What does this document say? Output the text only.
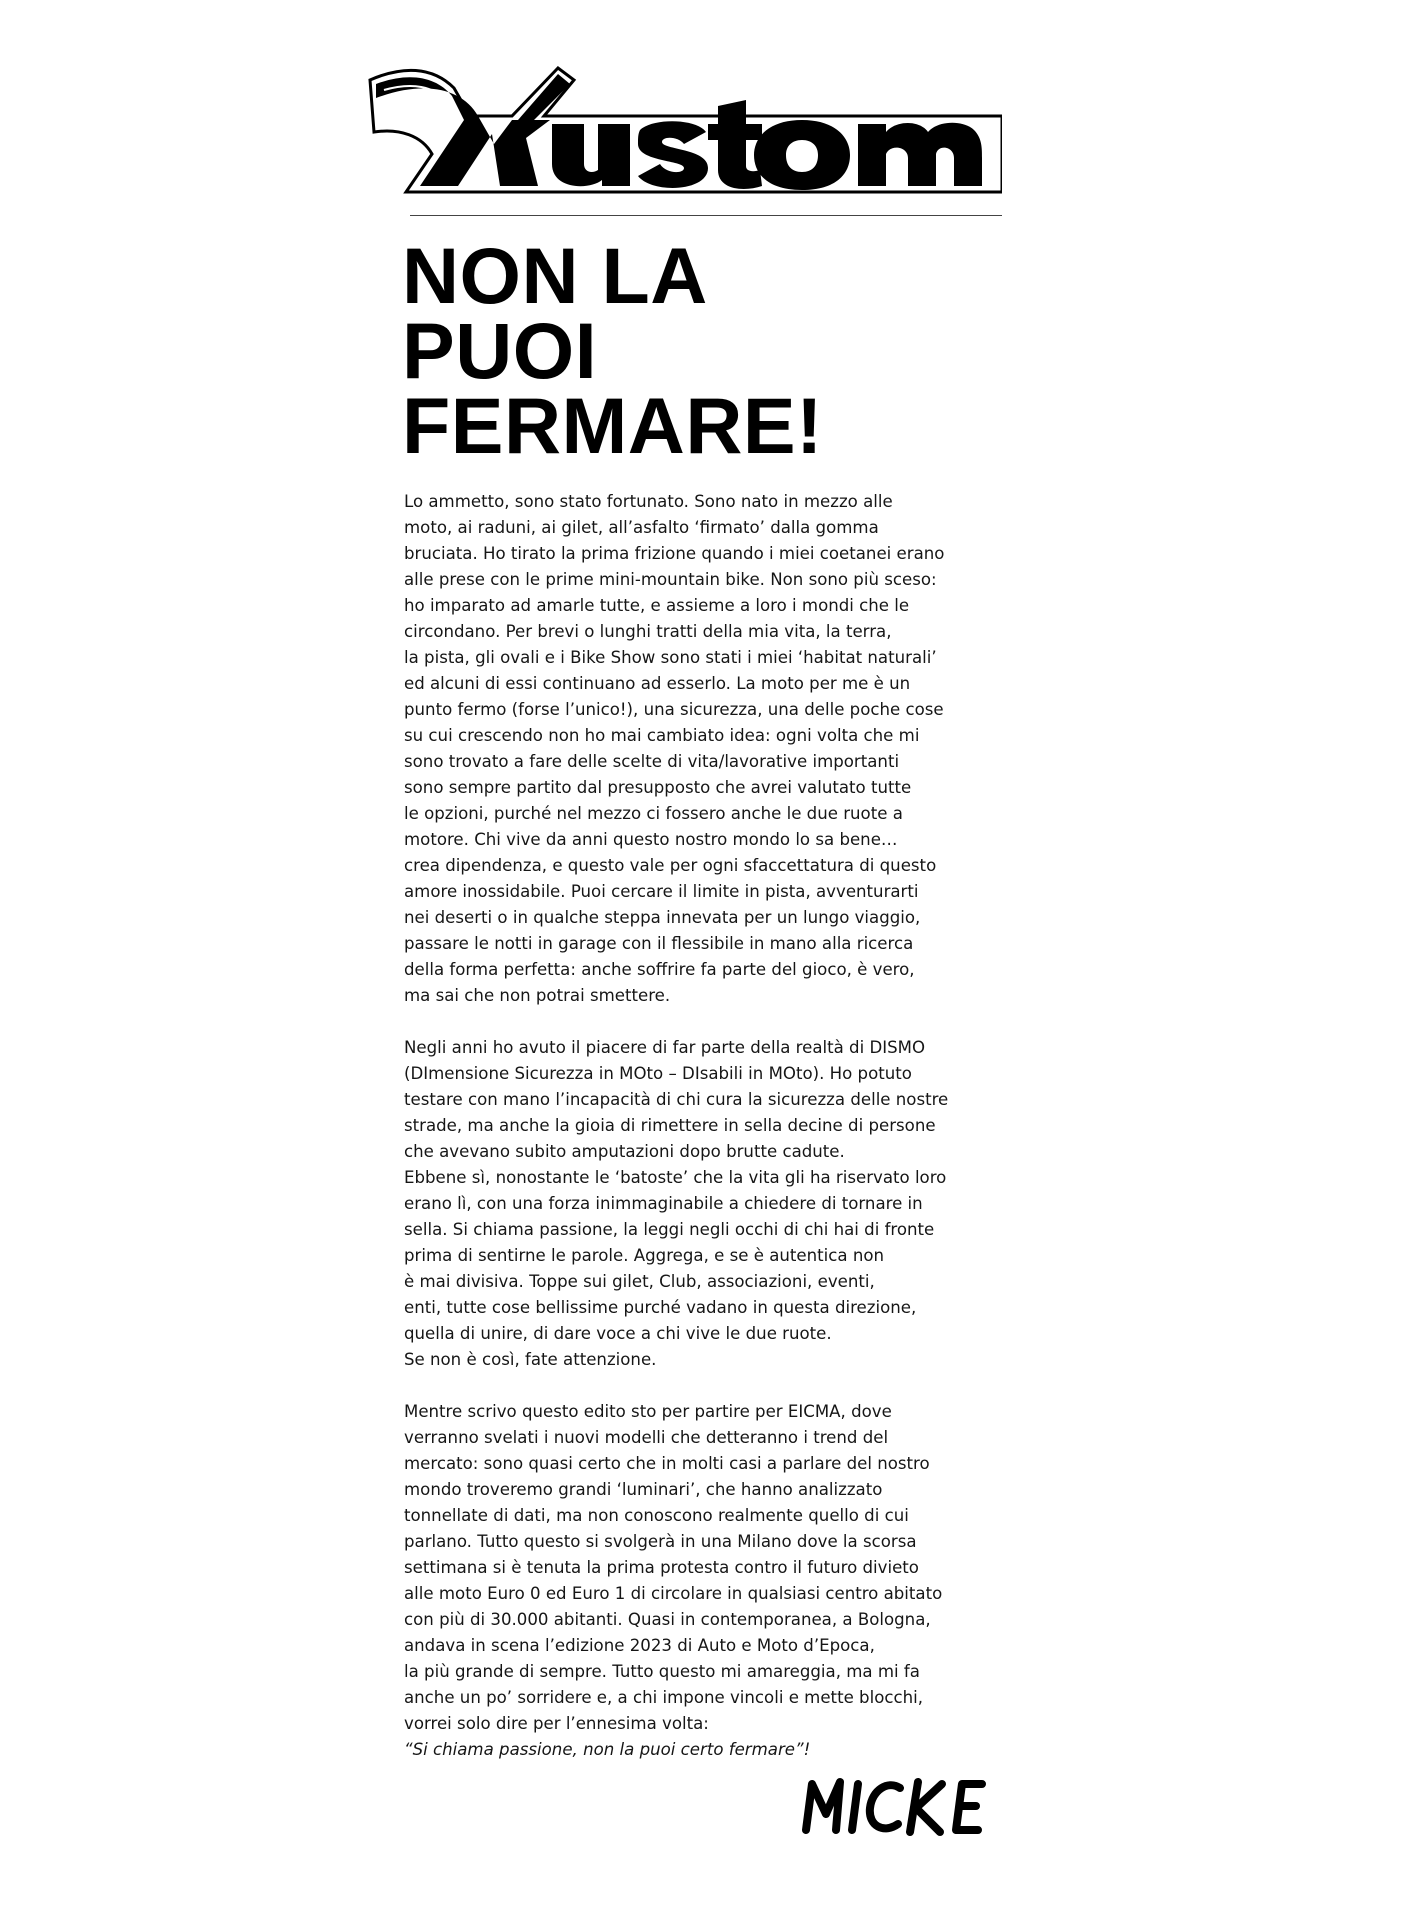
NON LA
PUOI
FERMARE!

Lo ammetto, sono stato fortunato. Sono nato in mezzo alle
moto, ai raduni, ai gilet, all’asfalto ‘firmato’ dalla gomma
bruciata. Ho tirato la prima frizione quando i miei coetanei erano
alle prese con le prime mini-mountain bike. Non sono più sceso:
ho imparato ad amarle tutte, e assieme a loro i mondi che le
circondano. Per brevi o lunghi tratti della mia vita, la terra,
la pista, gli ovali e i Bike Show sono stati i miei ‘habitat naturali’
ed alcuni di essi continuano ad esserlo. La moto per me è un
punto fermo (forse l’unico!), una sicurezza, una delle poche cose
su cui crescendo non ho mai cambiato idea: ogni volta che mi
sono trovato a fare delle scelte di vita/lavorative importanti
sono sempre partito dal presupposto che avrei valutato tutte
le opzioni, purché nel mezzo ci fossero anche le due ruote a
motore. Chi vive da anni questo nostro mondo lo sa bene…
crea dipendenza, e questo vale per ogni sfaccettatura di questo
amore inossidabile. Puoi cercare il limite in pista, avventurarti
nei deserti o in qualche steppa innevata per un lungo viaggio,
passare le notti in garage con il flessibile in mano alla ricerca
della forma perfetta: anche soffrire fa parte del gioco, è vero,
ma sai che non potrai smettere.

Negli anni ho avuto il piacere di far parte della realtà di DISMO
(DImensione Sicurezza in MOto – DIsabili in MOto). Ho potuto
testare con mano l’incapacità di chi cura la sicurezza delle nostre
strade, ma anche la gioia di rimettere in sella decine di persone
che avevano subito amputazioni dopo brutte cadute.
Ebbene sì, nonostante le ‘batoste’ che la vita gli ha riservato loro
erano lì, con una forza inimmaginabile a chiedere di tornare in
sella. Si chiama passione, la leggi negli occhi di chi hai di fronte
prima di sentirne le parole. Aggrega, e se è autentica non
è mai divisiva. Toppe sui gilet, Club, associazioni, eventi,
enti, tutte cose bellissime purché vadano in questa direzione,
quella di unire, di dare voce a chi vive le due ruote.
Se non è così, fate attenzione.

Mentre scrivo questo edito sto per partire per EICMA, dove
verranno svelati i nuovi modelli che detteranno i trend del
mercato: sono quasi certo che in molti casi a parlare del nostro
mondo troveremo grandi ‘luminari’, che hanno analizzato
tonnellate di dati, ma non conoscono realmente quello di cui
parlano. Tutto questo si svolgerà in una Milano dove la scorsa
settimana si è tenuta la prima protesta contro il futuro divieto
alle moto Euro 0 ed Euro 1 di circolare in qualsiasi centro abitato
con più di 30.000 abitanti. Quasi in contemporanea, a Bologna,
andava in scena l’edizione 2023 di Auto e Moto d’Epoca,
la più grande di sempre. Tutto questo mi amareggia, ma mi fa
anche un po’ sorridere e, a chi impone vincoli e mette blocchi,
vorrei solo dire per l’ennesima volta:
“Si chiama passione, non la puoi certo fermare”!
